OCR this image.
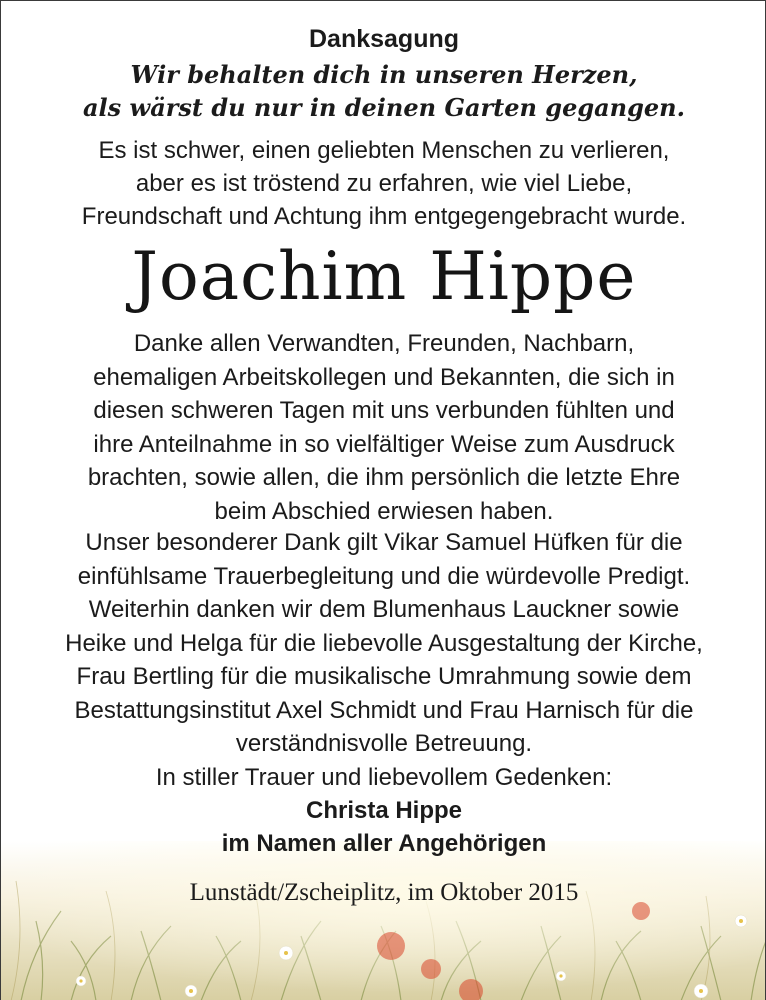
Danksagung
Wir behalten dich in unseren Herzen,
als wärst du nur in deinen Garten gegangen.
Es ist schwer, einen geliebten Menschen zu verlieren,
aber es ist tröstend zu erfahren, wie viel Liebe,
Freundschaft und Achtung ihm entgegengebracht wurde.
Joachim Hippe
Danke allen Verwandten, Freunden, Nachbarn,
ehemaligen Arbeitskollegen und Bekannten, die sich in
diesen schweren Tagen mit uns verbunden fühlten und
ihre Anteilnahme in so vielfältiger Weise zum Ausdruck
brachten, sowie allen, die ihm persönlich die letzte Ehre
beim Abschied erwiesen haben.
Unser besonderer Dank gilt Vikar Samuel Hüfken für die
einfühlsame Trauerbegleitung und die würdevolle Predigt.
Weiterhin danken wir dem Blumenhaus Lauckner sowie
Heike und Helga für die liebevolle Ausgestaltung der Kirche,
Frau Bertling für die musikalische Umrahmung sowie dem
Bestattungsinstitut Axel Schmidt und Frau Harnisch für die
verständnisvolle Betreuung.
In stiller Trauer und liebevollem Gedenken:
Christa Hippe
im Namen aller Angehörigen
Lunstädt/Zscheiplitz, im Oktober 2015
